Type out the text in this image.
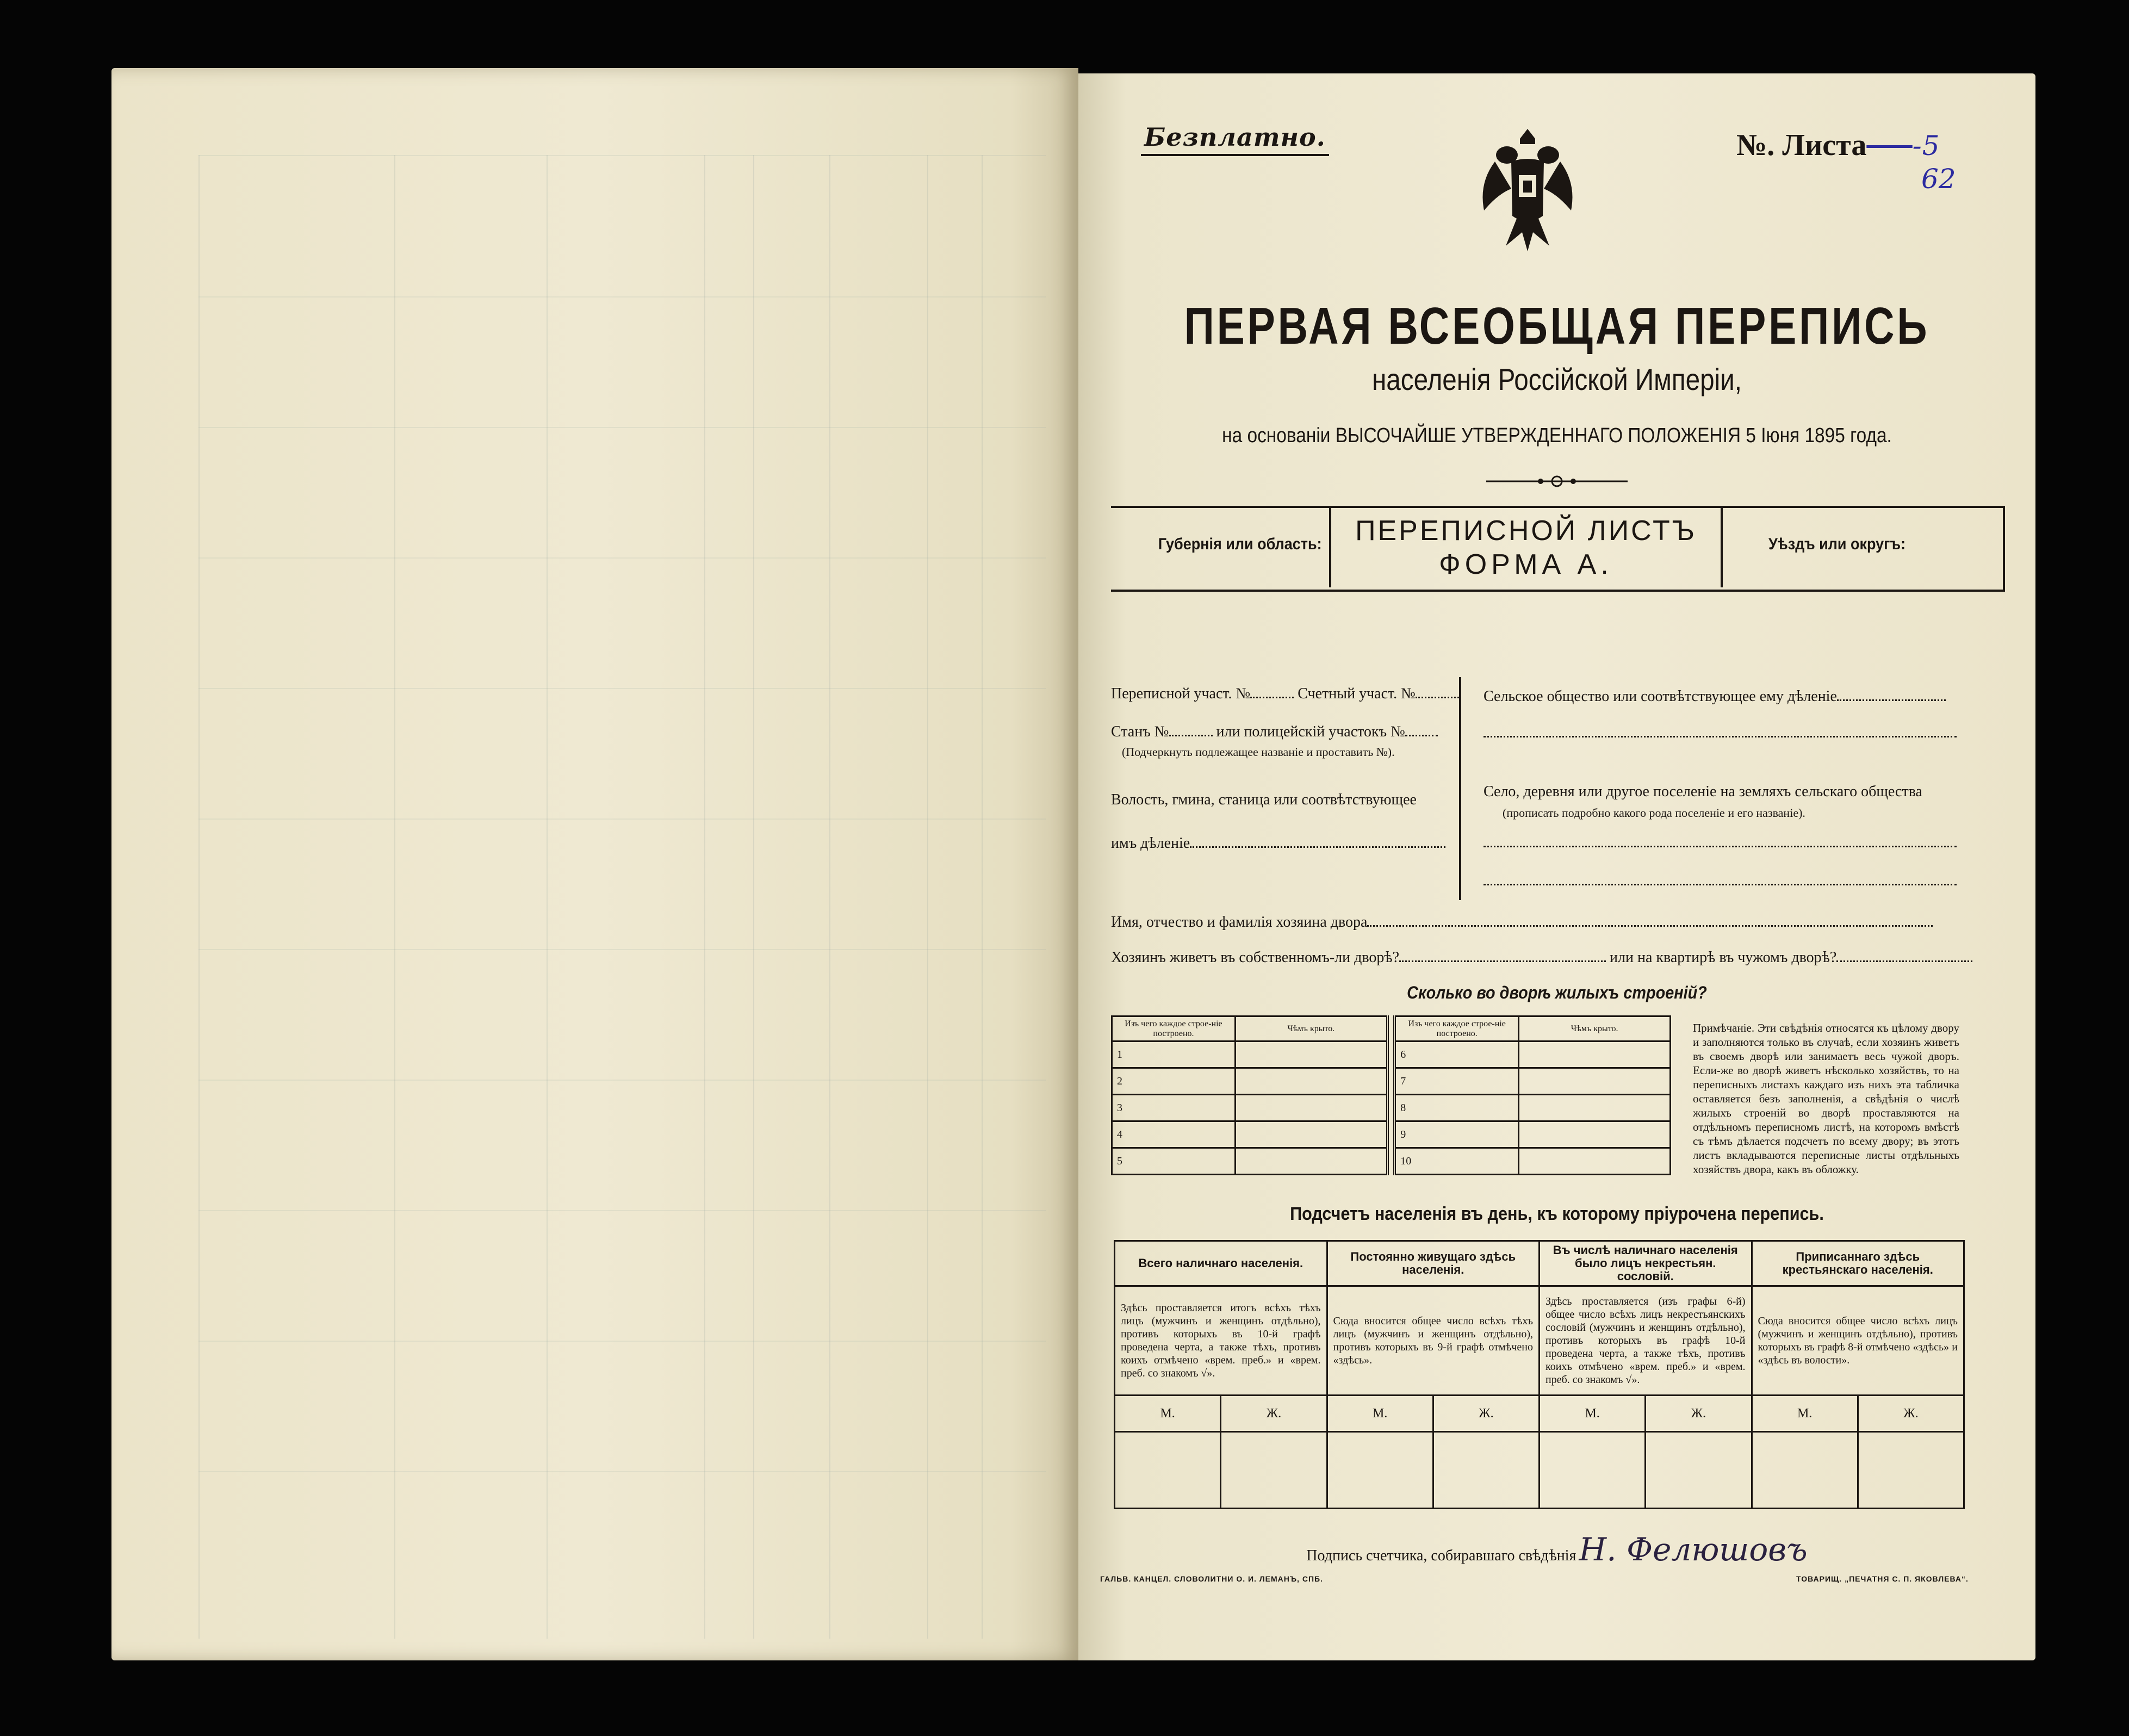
Безплатно.	№. Листа​     -5
62
ПЕРВАЯ ВСЕОБЩАЯ ПЕРЕПИСЬ
населенія Россійской Имперіи,
на основаніи ВЫСОЧАЙШЕ УТВЕРЖДЕННАГО ПОЛОЖЕНІЯ 5 Іюня 1895 года.
Губернія или область:	ПЕРЕПИСНОЙ ЛИСТЪ
ФОРМА А.
Уѣздъ или округъ:
Переписной участ. №	Счетный участ. №
Станъ №	или полицейскій участокъ №
(Подчеркнуть подлежащее названіе и проставить №).
Волость, гмина, станица или соотвѣтствующее
имъ дѣленіе
Сельское общество или соотвѣтствующее ему дѣленіе
Село, деревня или другое поселеніе на земляхъ сельскаго общества
(прописать подробно какого рода поселеніе и его названіе).
Имя, отчество и фамилія хозяина двора
Хозяинъ живетъ въ собственномъ-ли дворѣ?	или на квартирѣ въ чужомъ дворѣ?
Сколько во дворѣ жилыхъ строеній?
Изъ чего каждое строе-ніе построено.	Чѣмъ крыто.		Изъ чего каждое строе-ніе построено.	Чѣмъ крыто.
1			6	
2			7	
3			8	
4			9	
5			10	
Примѣчаніе. Эти свѣдѣнія относятся къ цѣлому двору и заполняются только въ случаѣ, если хозяинъ живетъ въ своемъ дворѣ или занимаетъ весь чужой дворъ. Если-же во дворѣ живетъ нѣсколько хозяйствъ, то на переписныхъ листахъ каждаго изъ нихъ эта табличка оставляется безъ заполненія, а свѣдѣнія о числѣ жилыхъ строеній во дворѣ проставляются на отдѣльномъ переписномъ листѣ, на которомъ вмѣстѣ съ тѣмъ дѣлается подсчетъ по всему двору; въ этотъ листъ вкладываются переписные листы отдѣльныхъ хозяйствъ двора, какъ въ обложку.
Подсчетъ населенія въ день, къ которому пріурочена перепись.
Всего наличнаго населенія.		Постоянно живущаго здѣсь населенія.		Въ числѣ наличнаго населенія было лицъ некрестьян. сословій.		Приписаннаго здѣсь крестьянскаго населенія.	
Здѣсь проставляется итогъ всѣхъ тѣхъ лицъ (мужчинъ и женщинъ отдѣльно), противъ которыхъ въ 10-й графѣ проведена черта, а также тѣхъ, противъ коихъ отмѣчено «врем. преб.» и «врем. преб. со знакомъ √».		Сюда вносится общее число всѣхъ тѣхъ лицъ (мужчинъ и женщинъ отдѣльно), противъ которыхъ въ 9-й графѣ отмѣчено «здѣсь».		Здѣсь проставляется (изъ графы 6-й) общее число всѣхъ лицъ некрестьянскихъ сословій (мужчинъ и женщинъ отдѣльно), противъ которыхъ въ графѣ 10-й проведена черта, а также тѣхъ, противъ коихъ отмѣчено «врем. преб.» и «врем. преб. со знакомъ √».		Сюда вносится общее число всѣхъ лицъ (мужчинъ и женщинъ отдѣльно), противъ которыхъ въ графѣ 8-й отмѣчено «здѣсь» и «здѣсь въ волости».	
М.	Ж.	М.	Ж.	М.	Ж.	М.	Ж.

Подпись счетчика, собиравшаго свѣдѣнія Н. Фелюшовъ
ГАЛЬВ. КАНЦЕЛ. СЛОВОЛИТНИ О. И. ЛЕМАНЪ, СПБ.	ТОВАРИЩ. „ПЕЧАТНЯ С. П. ЯКОВЛЕВА“.
